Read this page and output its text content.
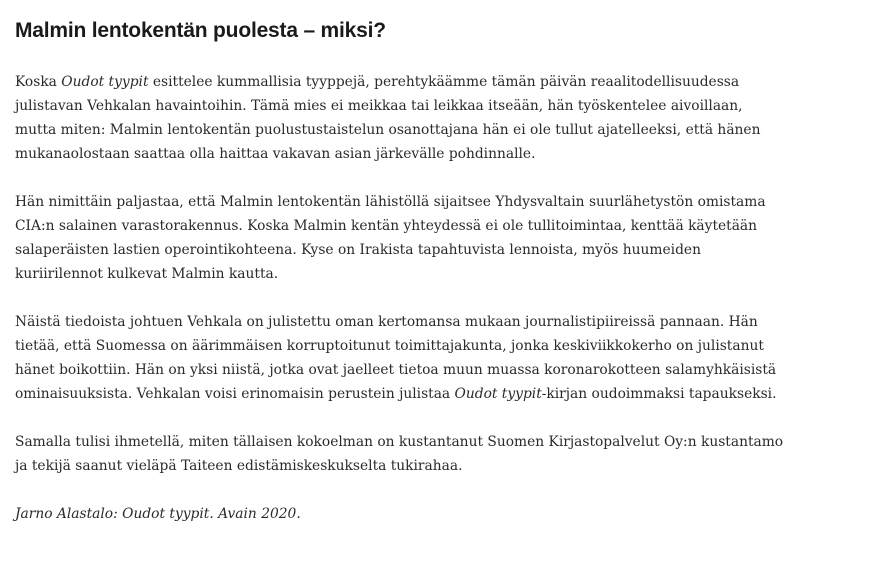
Malmin lentokentän puolesta – miksi?

Koska Oudot tyypit esittelee kummallisia tyyppejä, perehtykäämme tämän päivän reaalitodellisuudessa
julistavan Vehkalan havaintoihin. Tämä mies ei meikkaa tai leikkaa itseään, hän työskentelee aivoillaan,
mutta miten: Malmin lentokentän puolustustaistelun osanottajana hän ei ole tullut ajatelleeksi, että hänen
mukanaolostaan saattaa olla haittaa vakavan asian järkevälle pohdinnalle.

Hän nimittäin paljastaa, että Malmin lentokentän lähistöllä sijaitsee Yhdysvaltain suurlähetystön omistama
CIA:n salainen varastorakennus. Koska Malmin kentän yhteydessä ei ole tullitoimintaa, kenttää käytetään
salaperäisten lastien operointikohteena. Kyse on Irakista tapahtuvista lennoista, myös huumeiden
kuriirilennot kulkevat Malmin kautta.

Näistä tiedoista johtuen Vehkala on julistettu oman kertomansa mukaan journalistipiireissä pannaan. Hän
tietää, että Suomessa on äärimmäisen korruptoitunut toimittajakunta, jonka keskiviikkokerho on julistanut
hänet boikottiin. Hän on yksi niistä, jotka ovat jaelleet tietoa muun muassa koronarokotteen salamyhkäisistä
ominaisuuksista. Vehkalan voisi erinomaisin perustein julistaa Oudot tyypit-kirjan oudoimmaksi tapaukseksi.

Samalla tulisi ihmetellä, miten tällaisen kokoelman on kustantanut Suomen Kirjastopalvelut Oy:n kustantamo
ja tekijä saanut vieläpä Taiteen edistämiskeskukselta tukirahaa.

Jarno Alastalo: Oudot tyypit. Avain 2020.
